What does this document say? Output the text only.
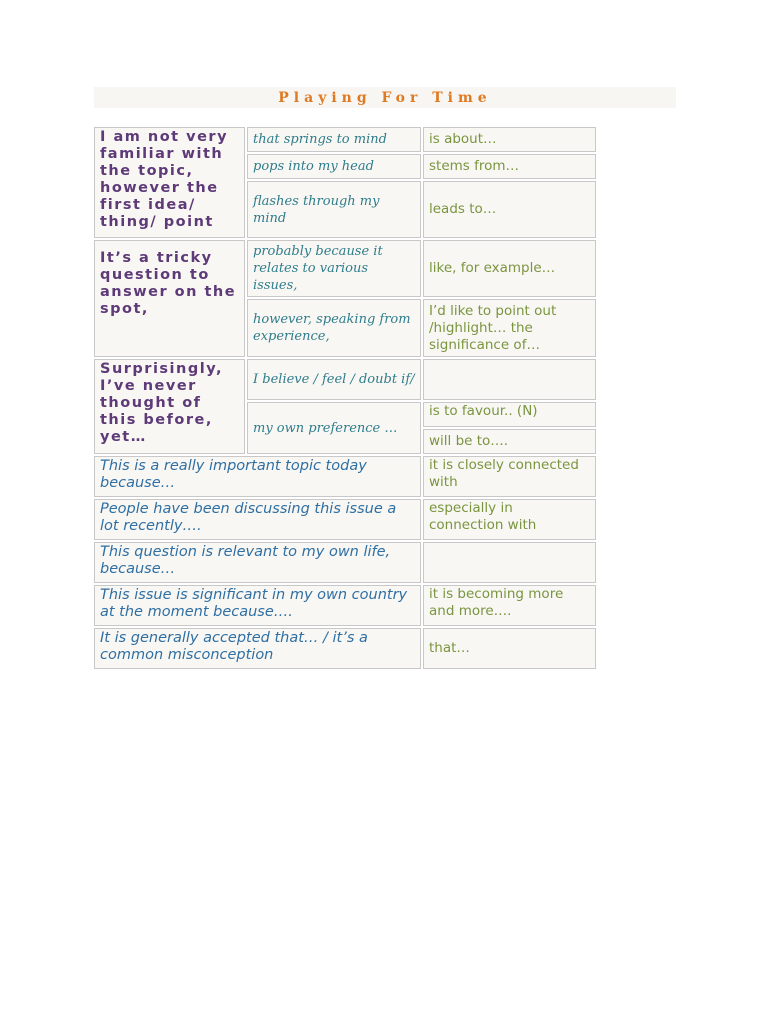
Playing For Time
I am not very familiar with the topic, however the first idea/ thing/ point	that springs to mind	is about…
	pops into my head	stems from…
	flashes through my mind	leads to…
It’s a tricky question to answer on the spot,	probably because it relates to various issues,	like, for example…
	however, speaking from experience,	I’d like to point out /highlight… the significance of…
Surprisingly, I’ve never thought of this before, yet…	I believe / feel / doubt if/	
	my own preference …	is to favour.. (N)
		will be to….
This is a really important topic today because…		it is closely connected with
People have been discussing this issue a lot recently….		especially in connection with
This question is relevant to my own life, because…		
This issue is significant in my own country at the moment because….		it is becoming more and more….
It is generally accepted that… / it’s a common misconception		that…
